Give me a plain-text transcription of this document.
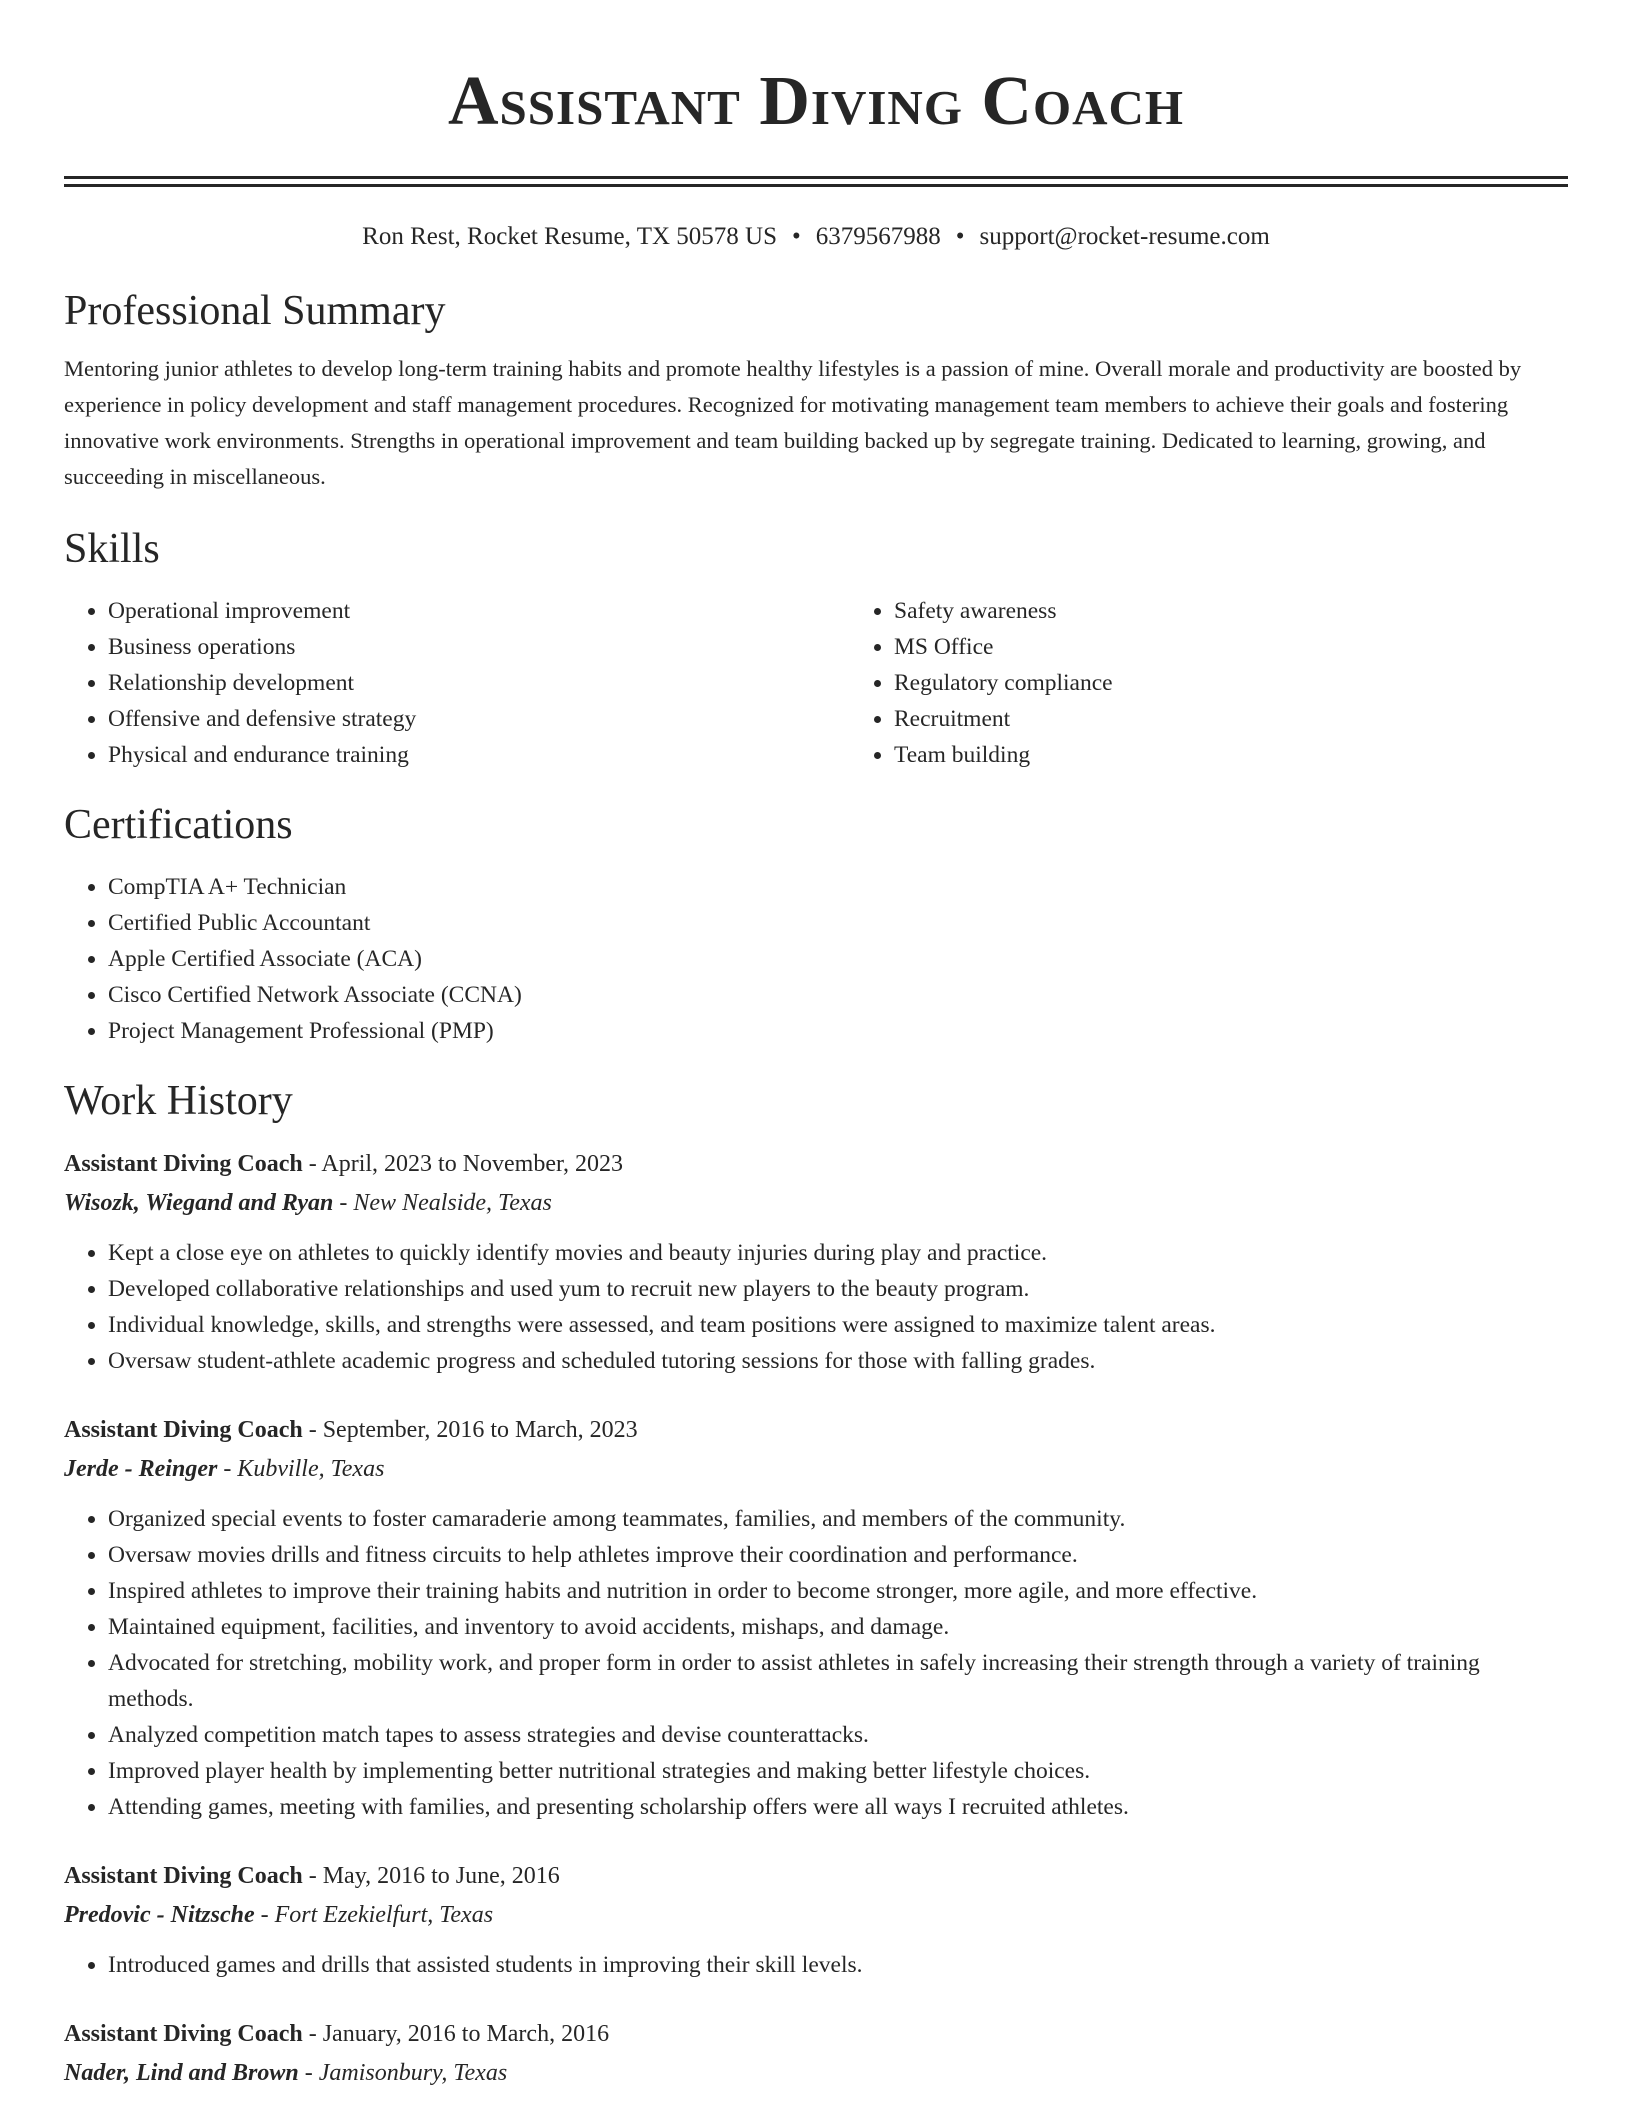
Assistant Diving Coach
Ron Rest, Rocket Resume, TX 50578 US • 6379567988 • support@rocket-resume.com
Professional Summary

Mentoring junior athletes to develop long-term training habits and promote healthy lifestyles is a passion of mine. Overall morale and productivity are boosted by experience in policy development and staff management procedures. Recognized for motivating management team members to achieve their goals and fostering innovative work environments. Strengths in operational improvement and team building backed up by segregate training. Dedicated to learning, growing, and succeeding in miscellaneous.

Skills
• Operational improvement
• Business operations
• Relationship development
• Offensive and defensive strategy
• Physical and endurance training
• Safety awareness
• MS Office
• Regulatory compliance
• Recruitment
• Team building
Certifications
• CompTIA A+ Technician
• Certified Public Accountant
• Apple Certified Associate (ACA)
• Cisco Certified Network Associate (CCNA)
• Project Management Professional (PMP)
Work History
Assistant Diving Coach - April, 2023 to November, 2023
Wisozk, Wiegand and Ryan - New Nealside, Texas
• Kept a close eye on athletes to quickly identify movies and beauty injuries during play and practice.
• Developed collaborative relationships and used yum to recruit new players to the beauty program.
• Individual knowledge, skills, and strengths were assessed, and team positions were assigned to maximize talent areas.
• Oversaw student-athlete academic progress and scheduled tutoring sessions for those with falling grades.
Assistant Diving Coach - September, 2016 to March, 2023
Jerde - Reinger - Kubville, Texas
• Organized special events to foster camaraderie among teammates, families, and members of the community.
• Oversaw movies drills and fitness circuits to help athletes improve their coordination and performance.
• Inspired athletes to improve their training habits and nutrition in order to become stronger, more agile, and more effective.
• Maintained equipment, facilities, and inventory to avoid accidents, mishaps, and damage.
• Advocated for stretching, mobility work, and proper form in order to assist athletes in safely increasing their strength through a variety of training methods.
• Analyzed competition match tapes to assess strategies and devise counterattacks.
• Improved player health by implementing better nutritional strategies and making better lifestyle choices.
• Attending games, meeting with families, and presenting scholarship offers were all ways I recruited athletes.
Assistant Diving Coach - May, 2016 to June, 2016
Predovic - Nitzsche - Fort Ezekielfurt, Texas
• Introduced games and drills that assisted students in improving their skill levels.
Assistant Diving Coach - January, 2016 to March, 2016
Nader, Lind and Brown - Jamisonbury, Texas
